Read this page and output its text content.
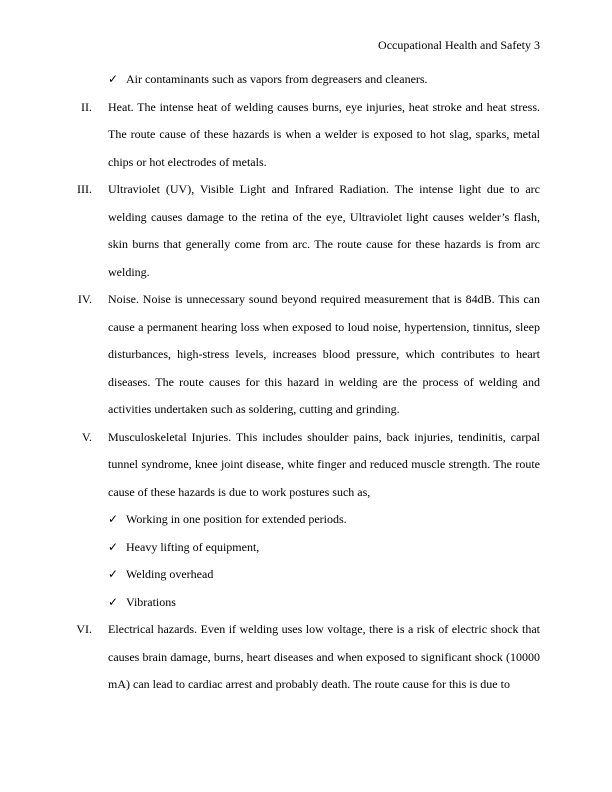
Occupational Health and Safety 3
✓ Air contaminants such as vapors from degreasers and cleaners.
II. Heat. The intense heat of welding causes burns, eye injuries, heat stroke and heat stress. The route cause of these hazards is when a welder is exposed to hot slag, sparks, metal chips or hot electrodes of metals.
III. Ultraviolet (UV), Visible Light and Infrared Radiation. The intense light due to arc welding causes damage to the retina of the eye, Ultraviolet light causes welder’s flash, skin burns that generally come from arc. The route cause for these hazards is from arc welding.
IV. Noise. Noise is unnecessary sound beyond required measurement that is 84dB. This can cause a permanent hearing loss when exposed to loud noise, hypertension, tinnitus, sleep disturbances, high-stress levels, increases blood pressure, which contributes to heart diseases. The route causes for this hazard in welding are the process of welding and activities undertaken such as soldering, cutting and grinding.
V. Musculoskeletal Injuries. This includes shoulder pains, back injuries, tendinitis, carpal tunnel syndrome, knee joint disease, white finger and reduced muscle strength. The route cause of these hazards is due to work postures such as,
✓ Working in one position for extended periods.
✓ Heavy lifting of equipment,
✓ Welding overhead
✓ Vibrations
VI. Electrical hazards. Even if welding uses low voltage, there is a risk of electric shock that causes brain damage, burns, heart diseases and when exposed to significant shock (10000 mA) can lead to cardiac arrest and probably death. The route cause for this is due to
